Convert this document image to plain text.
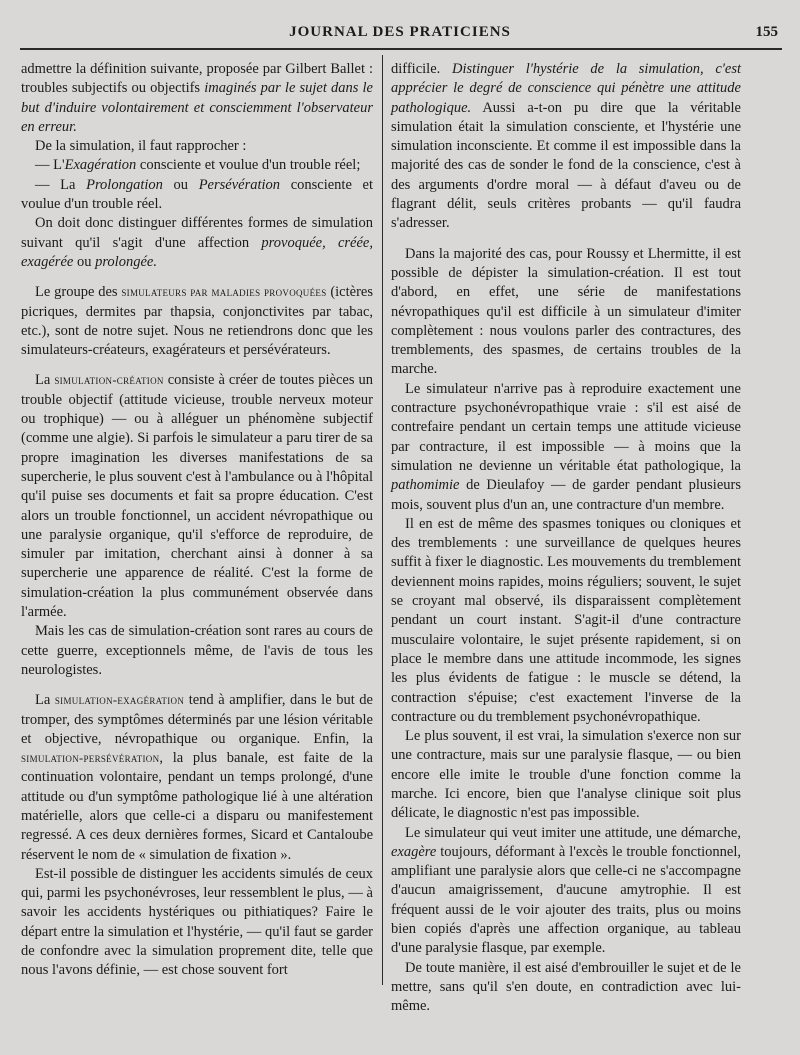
JOURNAL DES PRATICIENS	155

admettre la définition suivante, proposée par Gilbert Ballet : troubles subjectifs ou objectifs imaginés par le sujet dans le but d'induire volontairement et consciemment l'observateur en erreur.

De la simulation, il faut rapprocher :

— L'Exagération consciente et voulue d'un trouble réel;

— La Prolongation ou Persévération consciente et voulue d'un trouble réel.

On doit donc distinguer différentes formes de simulation suivant qu'il s'agit d'une affection provoquée, créée, exagérée ou prolongée.

Le groupe des simulateurs par maladies provoquées (ictères picriques, dermites par thapsia, conjonctivites par tabac, etc.), sont de notre sujet. Nous ne retiendrons donc que les simulateurs-créateurs, exagérateurs et persévérateurs.

La simulation-création consiste à créer de toutes pièces un trouble objectif (attitude vicieuse, trouble nerveux moteur ou trophique) — ou à alléguer un phénomène subjectif (comme une algie). Si parfois le simulateur a paru tirer de sa propre imagination les diverses manifestations de sa supercherie, le plus souvent c'est à l'ambulance ou à l'hôpital qu'il puise ses documents et fait sa propre éducation. C'est alors un trouble fonctionnel, un accident névropathique ou une paralysie organique, qu'il s'efforce de reproduire, de simuler par imitation, cherchant ainsi à donner à sa supercherie une apparence de réalité. C'est la forme de simulation-création la plus communément observée dans l'armée.

Mais les cas de simulation-création sont rares au cours de cette guerre, exceptionnels même, de l'avis de tous les neurologistes.

La simulation-exagération tend à amplifier, dans le but de tromper, des symptômes déterminés par une lésion véritable et objective, névropathique ou organique. Enfin, la simulation-persévération, la plus banale, est faite de la continuation volontaire, pendant un temps prolongé, d'une attitude ou d'un symptôme pathologique lié à une altération matérielle, alors que celle-ci a disparu ou manifestement regressé. A ces deux dernières formes, Sicard et Cantaloube réservent le nom de « simulation de fixation ».

Est-il possible de distinguer les accidents simulés de ceux qui, parmi les psychonévroses, leur ressemblent le plus, — à savoir les accidents hystériques ou pithiatiques? Faire le départ entre la simulation et l'hystérie, — qu'il faut se garder de confondre avec la simulation proprement dite, telle que nous l'avons définie, — est chose souvent fort

difficile. Distinguer l'hystérie de la simulation, c'est apprécier le degré de conscience qui pénètre une attitude pathologique. Aussi a-t-on pu dire que la véritable simulation était la simulation consciente, et l'hystérie une simulation inconsciente. Et comme il est impossible dans la majorité des cas de sonder le fond de la conscience, c'est à des arguments d'ordre moral — à défaut d'aveu ou de flagrant délit, seuls critères probants — qu'il faudra s'adresser.

Dans la majorité des cas, pour Roussy et Lhermitte, il est possible de dépister la simulation-création. Il est tout d'abord, en effet, une série de manifestations névropathiques qu'il est difficile à un simulateur d'imiter complètement : nous voulons parler des contractures, des tremblements, des spasmes, de certains troubles de la marche.

Le simulateur n'arrive pas à reproduire exactement une contracture psychonévropathique vraie : s'il est aisé de contrefaire pendant un certain temps une attitude vicieuse par contracture, il est impossible — à moins que la simulation ne devienne un véritable état pathologique, la pathomimie de Dieulafoy — de garder pendant plusieurs mois, souvent plus d'un an, une contracture d'un membre.

Il en est de même des spasmes toniques ou cloniques et des tremblements : une surveillance de quelques heures suffit à fixer le diagnostic. Les mouvements du tremblement deviennent moins rapides, moins réguliers; souvent, le sujet se croyant mal observé, ils disparaissent complètement pendant un court instant. S'agit-il d'une contracture musculaire volontaire, le sujet présente rapidement, si on place le membre dans une attitude incommode, les signes les plus évidents de fatigue : le muscle se détend, la contraction s'épuise; c'est exactement l'inverse de la contracture ou du tremblement psychonévropathique.

Le plus souvent, il est vrai, la simulation s'exerce non sur une contracture, mais sur une paralysie flasque, — ou bien encore elle imite le trouble d'une fonction comme la marche. Ici encore, bien que l'analyse clinique soit plus délicate, le diagnostic n'est pas impossible.

Le simulateur qui veut imiter une attitude, une démarche, exagère toujours, déformant à l'excès le trouble fonctionnel, amplifiant une paralysie alors que celle-ci ne s'accompagne d'aucun amaigrissement, d'aucune amytrophie. Il est fréquent aussi de le voir ajouter des traits, plus ou moins bien copiés d'après une affection organique, au tableau d'une paralysie flasque, par exemple.

De toute manière, il est aisé d'embrouiller le sujet et de le mettre, sans qu'il s'en doute, en contradiction avec lui-même.
